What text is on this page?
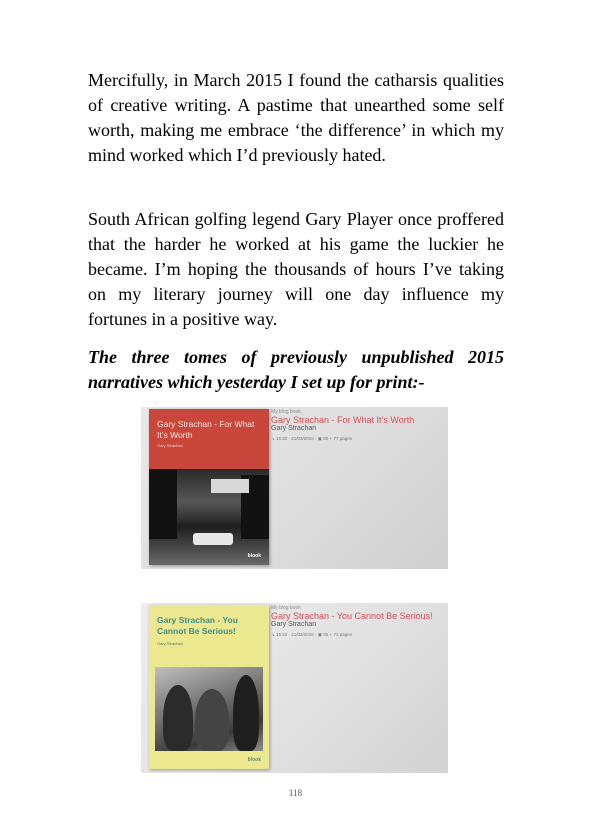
Mercifully, in March 2015 I found the catharsis qualities of creative writing. A pastime that unearthed some self worth, making me embrace ‘the difference’ in which my mind worked which I’d previously hated.

South African golfing legend Gary Player once proffered that the harder he worked at his game the luckier he became. I’m hoping the thousands of hours I’ve taking on my literary journey will one day influence my fortunes in a positive way.

The three tomes of previously unpublished 2015 narratives which yesterday I set up for print:-

Gary Strachan - For What It’s Worth
Gary Strachan
blook
My blog book
Gary Strachan - For What It’s Worth
Gary Strachan
↘ 15:32 · 21/03/2016 · ▣ 80 + 77 pages
Gary Strachan - You Cannot Be Serious!
Gary Strachan
blook
My blog book
Gary Strachan - You Cannot Be Serious!
Gary Strachan
↘ 15:22 · 21/03/2016 · ▣ 96 + 72 pages
118
